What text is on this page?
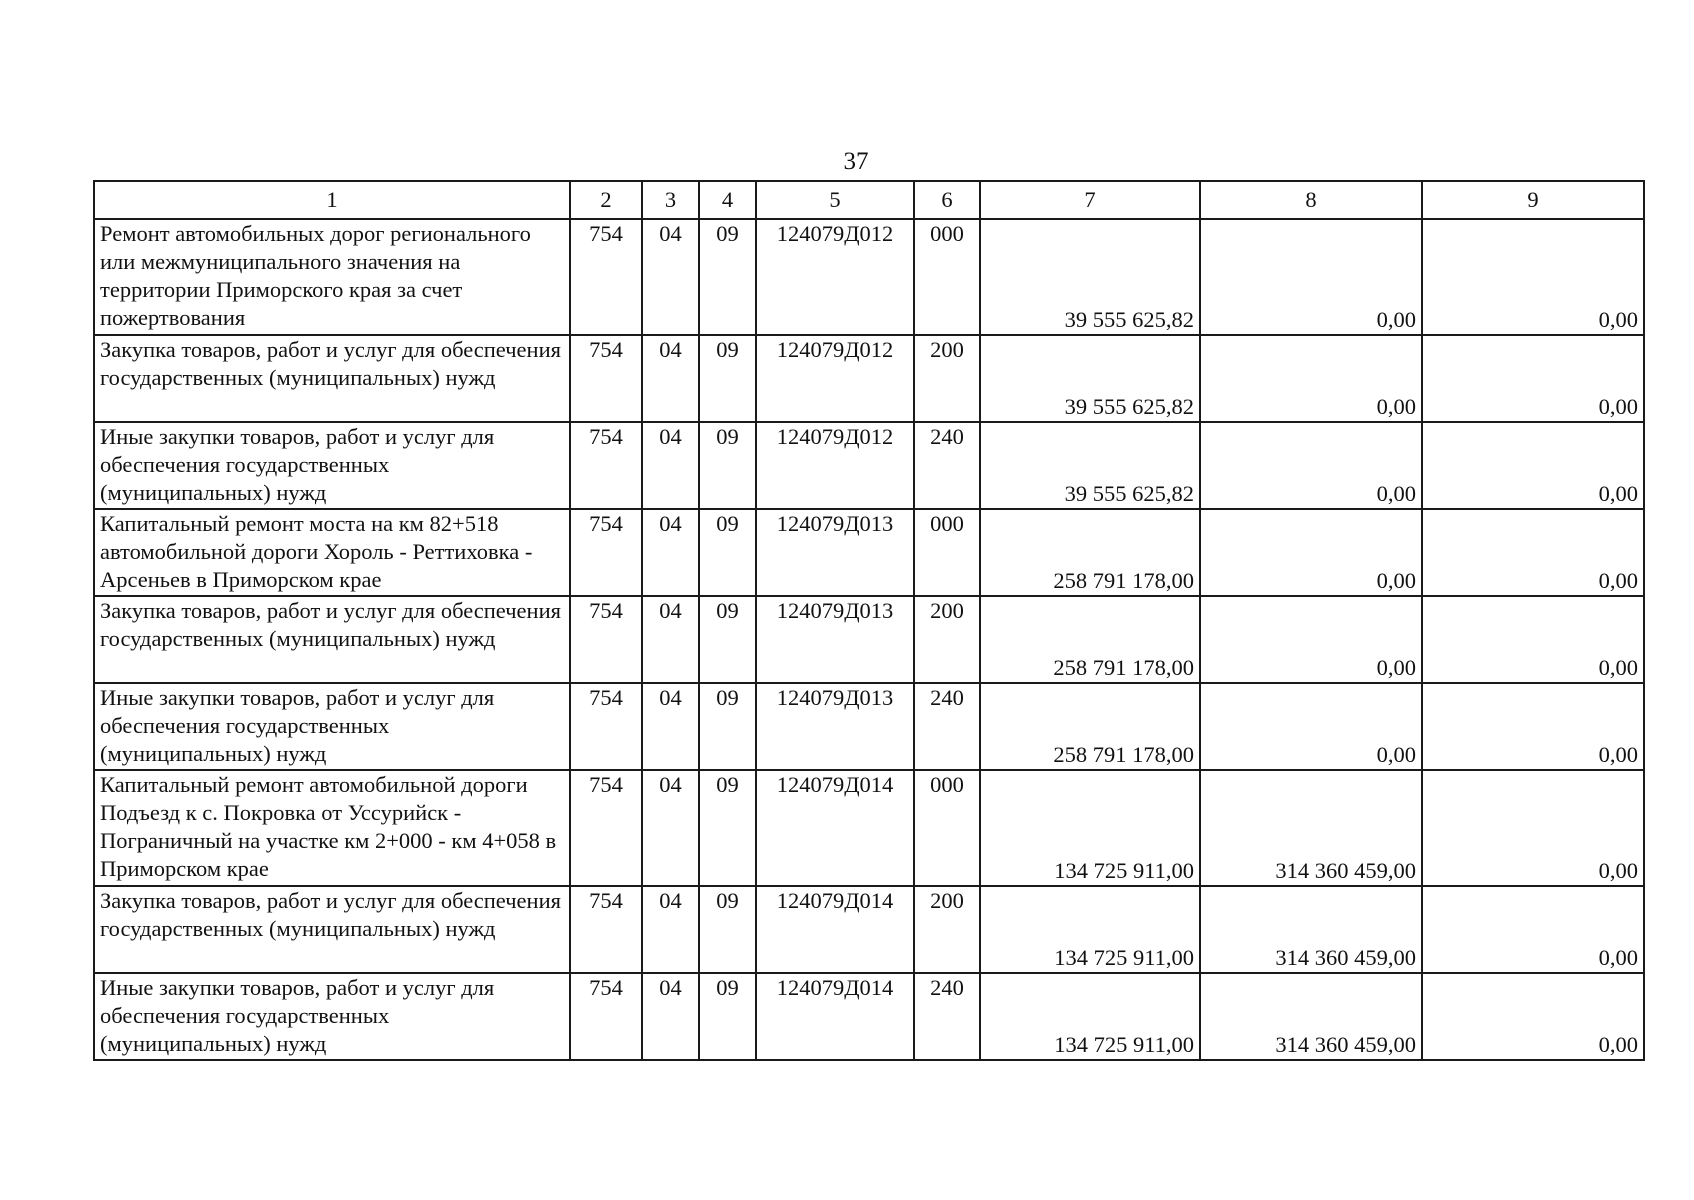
37
1	2	3	4	5	6	7	8	9
Ремонт автомобильных дорог регионального или межмуниципального значения на территории Приморского края за счет пожертвования	754	04	09	124079Д012	000	39 555 625,82	0,00	0,00
Закупка товаров, работ и услуг для обеспечения государственных (муниципальных) нужд	754	04	09	124079Д012	200	39 555 625,82	0,00	0,00
Иные закупки товаров, работ и услуг для обеспечения государственных (муниципальных) нужд	754	04	09	124079Д012	240	39 555 625,82	0,00	0,00
Капитальный ремонт моста на км 82+518 автомобильной дороги Хороль - Реттиховка - Арсеньев в Приморском крае	754	04	09	124079Д013	000	258 791 178,00	0,00	0,00
Закупка товаров, работ и услуг для обеспечения государственных (муниципальных) нужд	754	04	09	124079Д013	200	258 791 178,00	0,00	0,00
Иные закупки товаров, работ и услуг для обеспечения государственных (муниципальных) нужд	754	04	09	124079Д013	240	258 791 178,00	0,00	0,00
Капитальный ремонт автомобильной дороги Подъезд к с. Покровка от Уссурийск - Пограничный на участке км 2+000 - км 4+058 в Приморском крае	754	04	09	124079Д014	000	134 725 911,00	314 360 459,00	0,00
Закупка товаров, работ и услуг для обеспечения государственных (муниципальных) нужд	754	04	09	124079Д014	200	134 725 911,00	314 360 459,00	0,00
Иные закупки товаров, работ и услуг для обеспечения государственных (муниципальных) нужд	754	04	09	124079Д014	240	134 725 911,00	314 360 459,00	0,00
